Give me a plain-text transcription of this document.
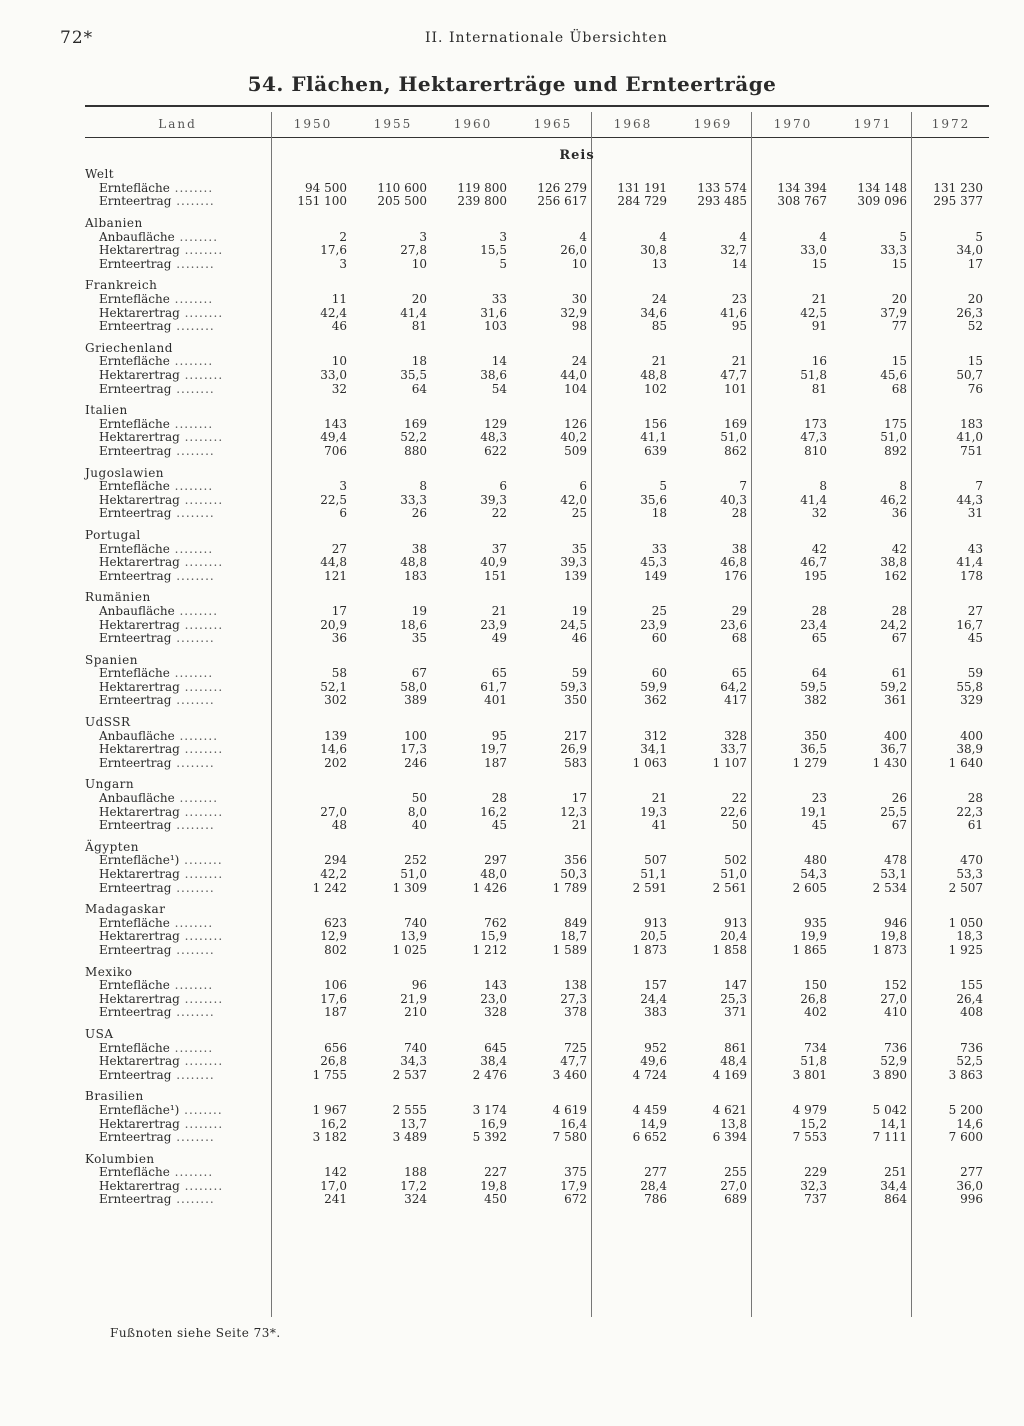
72*	II. Internationale Übersichten
54. Flächen, Hektarerträge und Ernteerträge
Land	1950	1955	1960	1965	1968	1969	1970	1971	1972
Reis
Welt									
Erntefläche ........	94 500	110 600	119 800	126 279	131 191	133 574	134 394	134 148	131 230
Ernteertrag ........	151 100	205 500	239 800	256 617	284 729	293 485	308 767	309 096	295 377

Albanien									
Anbaufläche ........	2	3	3	4	4	4	4	5	5
Hektarertrag ........	17,6	27,8	15,5	26,0	30,8	32,7	33,0	33,3	34,0
Ernteertrag ........	3	10	5	10	13	14	15	15	17

Frankreich									
Erntefläche ........	11	20	33	30	24	23	21	20	20
Hektarertrag ........	42,4	41,4	31,6	32,9	34,6	41,6	42,5	37,9	26,3
Ernteertrag ........	46	81	103	98	85	95	91	77	52

Griechenland									
Erntefläche ........	10	18	14	24	21	21	16	15	15
Hektarertrag ........	33,0	35,5	38,6	44,0	48,8	47,7	51,8	45,6	50,7
Ernteertrag ........	32	64	54	104	102	101	81	68	76

Italien									
Erntefläche ........	143	169	129	126	156	169	173	175	183
Hektarertrag ........	49,4	52,2	48,3	40,2	41,1	51,0	47,3	51,0	41,0
Ernteertrag ........	706	880	622	509	639	862	810	892	751

Jugoslawien									
Erntefläche ........	3	8	6	6	5	7	8	8	7
Hektarertrag ........	22,5	33,3	39,3	42,0	35,6	40,3	41,4	46,2	44,3
Ernteertrag ........	6	26	22	25	18	28	32	36	31

Portugal									
Erntefläche ........	27	38	37	35	33	38	42	42	43
Hektarertrag ........	44,8	48,8	40,9	39,3	45,3	46,8	46,7	38,8	41,4
Ernteertrag ........	121	183	151	139	149	176	195	162	178

Rumänien									
Anbaufläche ........	17	19	21	19	25	29	28	28	27
Hektarertrag ........	20,9	18,6	23,9	24,5	23,9	23,6	23,4	24,2	16,7
Ernteertrag ........	36	35	49	46	60	68	65	67	45

Spanien									
Erntefläche ........	58	67	65	59	60	65	64	61	59
Hektarertrag ........	52,1	58,0	61,7	59,3	59,9	64,2	59,5	59,2	55,8
Ernteertrag ........	302	389	401	350	362	417	382	361	329

UdSSR									
Anbaufläche ........	139	100	95	217	312	328	350	400	400
Hektarertrag ........	14,6	17,3	19,7	26,9	34,1	33,7	36,5	36,7	38,9
Ernteertrag ........	202	246	187	583	1 063	1 107	1 279	1 430	1 640

Ungarn									
Anbaufläche ........		50	28	17	21	22	23	26	28
Hektarertrag ........	27,0	8,0	16,2	12,3	19,3	22,6	19,1	25,5	22,3
Ernteertrag ........	48	40	45	21	41	50	45	67	61

Ägypten									
Erntefläche¹) ........	294	252	297	356	507	502	480	478	470
Hektarertrag ........	42,2	51,0	48,0	50,3	51,1	51,0	54,3	53,1	53,3
Ernteertrag ........	1 242	1 309	1 426	1 789	2 591	2 561	2 605	2 534	2 507

Madagaskar									
Erntefläche ........	623	740	762	849	913	913	935	946	1 050
Hektarertrag ........	12,9	13,9	15,9	18,7	20,5	20,4	19,9	19,8	18,3
Ernteertrag ........	802	1 025	1 212	1 589	1 873	1 858	1 865	1 873	1 925

Mexiko									
Erntefläche ........	106	96	143	138	157	147	150	152	155
Hektarertrag ........	17,6	21,9	23,0	27,3	24,4	25,3	26,8	27,0	26,4
Ernteertrag ........	187	210	328	378	383	371	402	410	408

USA									
Erntefläche ........	656	740	645	725	952	861	734	736	736
Hektarertrag ........	26,8	34,3	38,4	47,7	49,6	48,4	51,8	52,9	52,5
Ernteertrag ........	1 755	2 537	2 476	3 460	4 724	4 169	3 801	3 890	3 863

Brasilien									
Erntefläche¹) ........	1 967	2 555	3 174	4 619	4 459	4 621	4 979	5 042	5 200
Hektarertrag ........	16,2	13,7	16,9	16,4	14,9	13,8	15,2	14,1	14,6
Ernteertrag ........	3 182	3 489	5 392	7 580	6 652	6 394	7 553	7 111	7 600

Kolumbien									
Erntefläche ........	142	188	227	375	277	255	229	251	277
Hektarertrag ........	17,0	17,2	19,8	17,9	28,4	27,0	32,3	34,4	36,0
Ernteertrag ........	241	324	450	672	786	689	737	864	996
Fußnoten siehe Seite 73*.
